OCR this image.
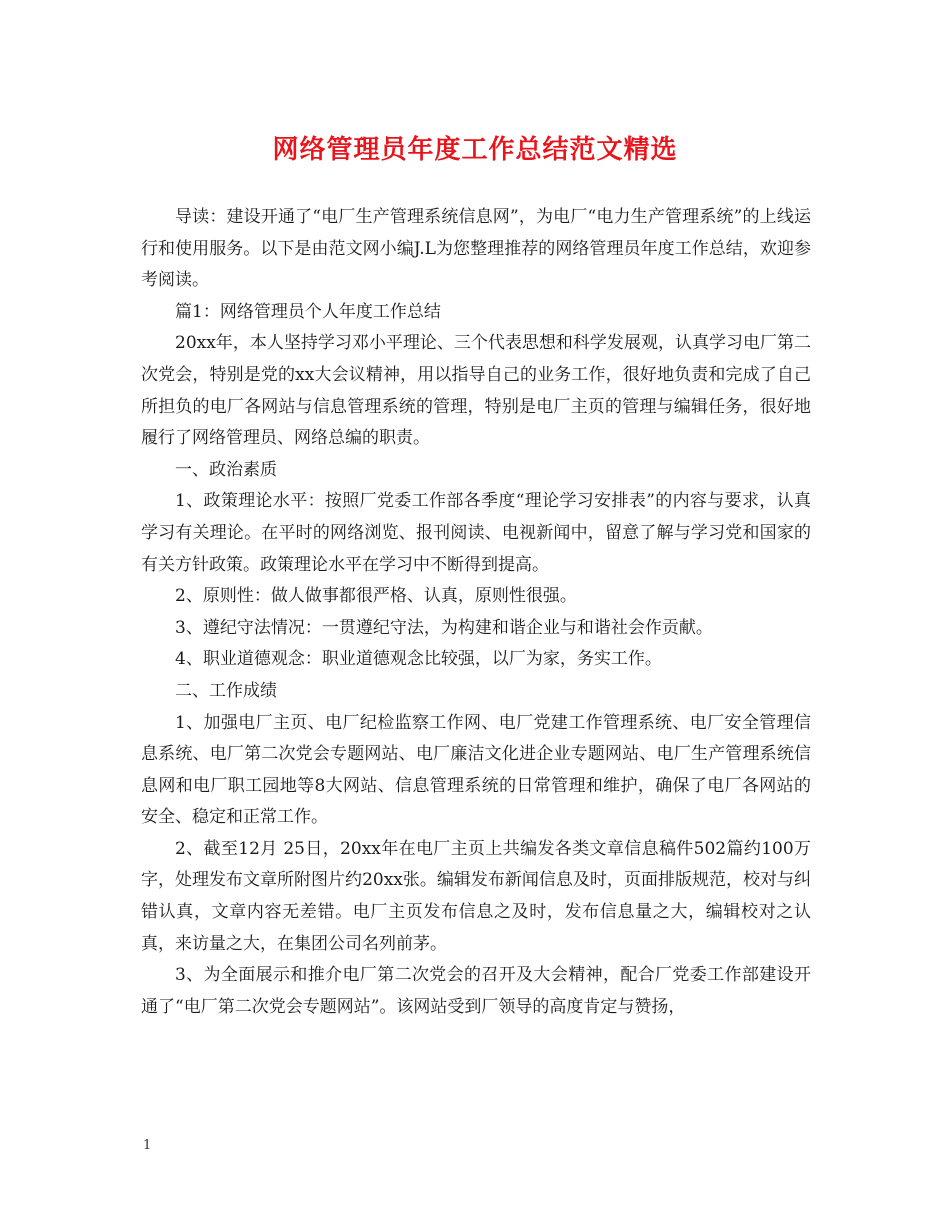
网络管理员年度工作总结范文精选

导读：建设开通了“电厂生产管理系统信息网”，为电厂“电力生产管理系统”的上线运行和使用服务。以下是由范文网小编J.L为您整理推荐的网络管理员年度工作总结，欢迎参考阅读。

篇1：网络管理员个人年度工作总结

20xx年，本人坚持学习邓小平理论、三个代表思想和科学发展观，认真学习电厂第二次党会，特别是党的xx大会议精神，用以指导自己的业务工作，很好地负责和完成了自己所担负的电厂各网站与信息管理系统的管理，特别是电厂主页的管理与编辑任务，很好地履行了网络管理员、网络总编的职责。

一、政治素质

1、政策理论水平：按照厂党委工作部各季度“理论学习安排表”的内容与要求，认真学习有关理论。在平时的网络浏览、报刊阅读、电视新闻中，留意了解与学习党和国家的有关方针政策。政策理论水平在学习中不断得到提高。

2、原则性：做人做事都很严格、认真，原则性很强。

3、遵纪守法情况：一贯遵纪守法，为构建和谐企业与和谐社会作贡献。

4、职业道德观念：职业道德观念比较强，以厂为家，务实工作。

二、工作成绩

1、加强电厂主页、电厂纪检监察工作网、电厂党建工作管理系统、电厂安全管理信息系统、电厂第二次党会专题网站、电厂廉洁文化进企业专题网站、电厂生产管理系统信息网和电厂职工园地等8大网站、信息管理系统的日常管理和维护，确保了电厂各网站的安全、稳定和正常工作。

2、截至12月 25日，20xx年在电厂主页上共编发各类文章信息稿件502篇约100万字，处理发布文章所附图片约20xx张。编辑发布新闻信息及时，页面排版规范，校对与纠错认真，文章内容无差错。电厂主页发布信息之及时，发布信息量之大，编辑校对之认真，来访量之大，在集团公司名列前茅。

3、为全面展示和推介电厂第二次党会的召开及大会精神，配合厂党委工作部建设开通了“电厂第二次党会专题网站”。该网站受到厂领导的高度肯定与赞扬，

1
